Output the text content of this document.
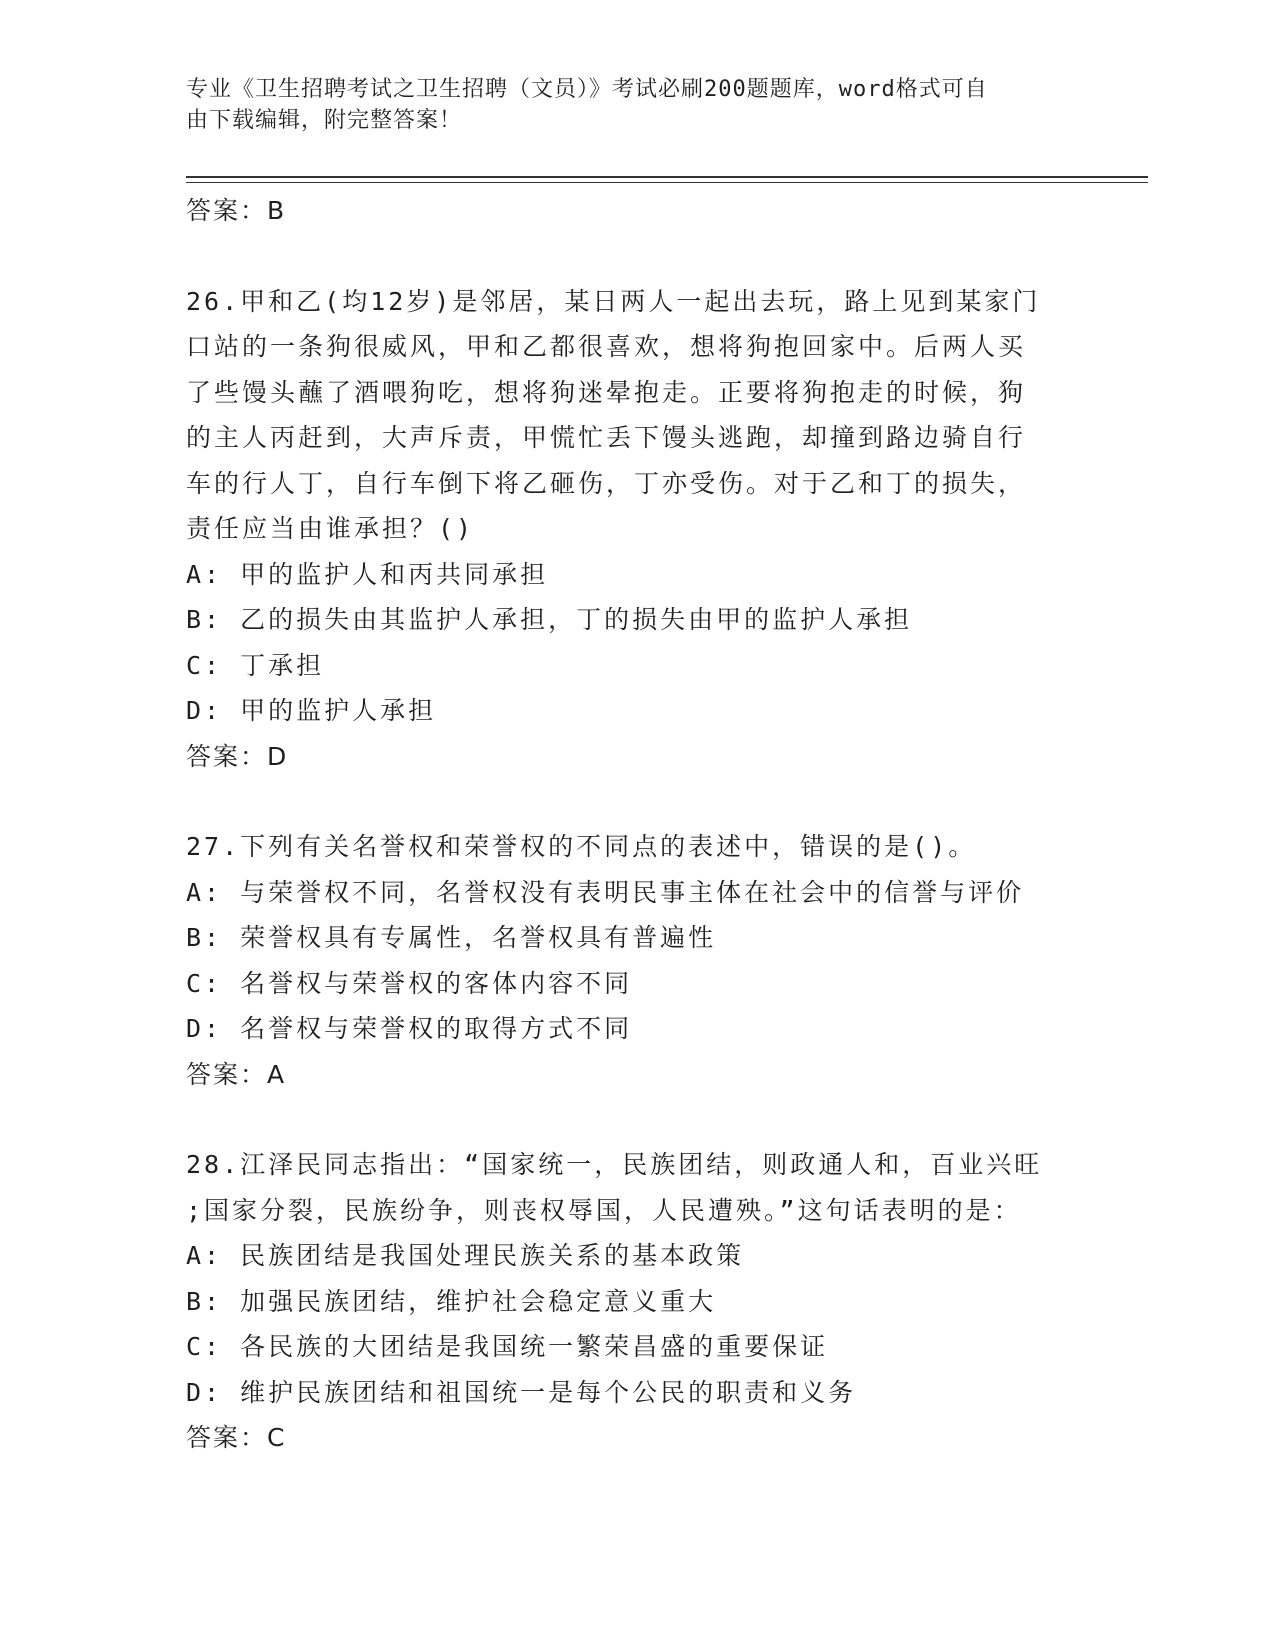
专业《卫生招聘考试之卫生招聘（文员）》考试必刷200题题库，word格式可自
由下载编辑，附完整答案！
答案：B
26.甲和乙(均12岁)是邻居，某日两人一起出去玩，路上见到某家门
口站的一条狗很威风，甲和乙都很喜欢，想将狗抱回家中。后两人买
了些馒头蘸了酒喂狗吃，想将狗迷晕抱走。正要将狗抱走的时候，狗
的主人丙赶到，大声斥责，甲慌忙丢下馒头逃跑，却撞到路边骑自行
车的行人丁，自行车倒下将乙砸伤，丁亦受伤。对于乙和丁的损失，
责任应当由谁承担？()
A: 甲的监护人和丙共同承担
B: 乙的损失由其监护人承担，丁的损失由甲的监护人承担
C: 丁承担
D: 甲的监护人承担
答案：D
27.下列有关名誉权和荣誉权的不同点的表述中，错误的是()。
A: 与荣誉权不同，名誉权没有表明民事主体在社会中的信誉与评价
B: 荣誉权具有专属性，名誉权具有普遍性
C: 名誉权与荣誉权的客体内容不同
D: 名誉权与荣誉权的取得方式不同
答案：A
28.江泽民同志指出：“国家统一，民族团结，则政通人和，百业兴旺
;国家分裂，民族纷争，则丧权辱国，人民遭殃。”这句话表明的是：
A: 民族团结是我国处理民族关系的基本政策
B: 加强民族团结，维护社会稳定意义重大
C: 各民族的大团结是我国统一繁荣昌盛的重要保证
D: 维护民族团结和祖国统一是每个公民的职责和义务
答案：C
